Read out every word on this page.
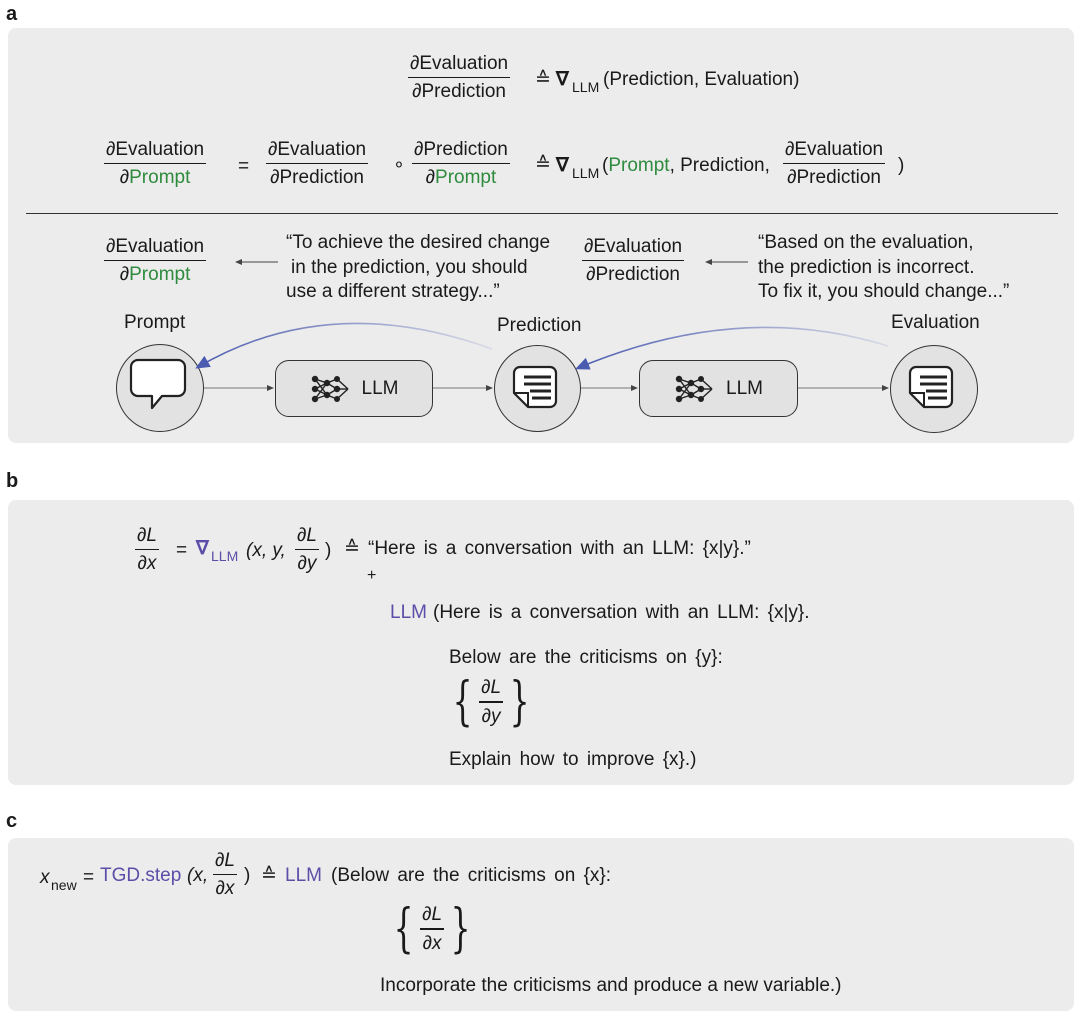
a
∂Evaluation
∂Prediction
≙ ∇ LLM (Prediction, Evaluation)
∂Evaluation
∂Prompt
=
∂Evaluation
∂Prediction
∘
∂Prediction
∂Prompt
≙ ∇ LLM (Prompt, Prediction,
∂Evaluation
∂Prediction
)
∂Evaluation
∂Prompt
“To achieve the desired change
in the prediction, you should
use a different strategy...”
∂Evaluation
∂Prediction
“Based on the evaluation,
the prediction is incorrect.
To fix it, you should change...”
Prompt	Prediction	Evaluation
LLM	LLM
b
∂L
∂x
= ∇ LLM (x, y,
∂L
∂y
) ≙ “Here is a conversation with an LLM: {x|y}.”
+
LLM (Here is a conversation with an LLM: {x|y}.
Below are the criticisms on {y}:
{ $\frac{\partial L}{\partial y}$ }
Explain how to improve {x}.)
c
x new = TGD.step (x,
∂L
∂x
) ≙ LLM (Below are the criticisms on {x}:
{ $\frac{\partial L}{\partial x}$ }
Incorporate the criticisms and produce a new variable.)
